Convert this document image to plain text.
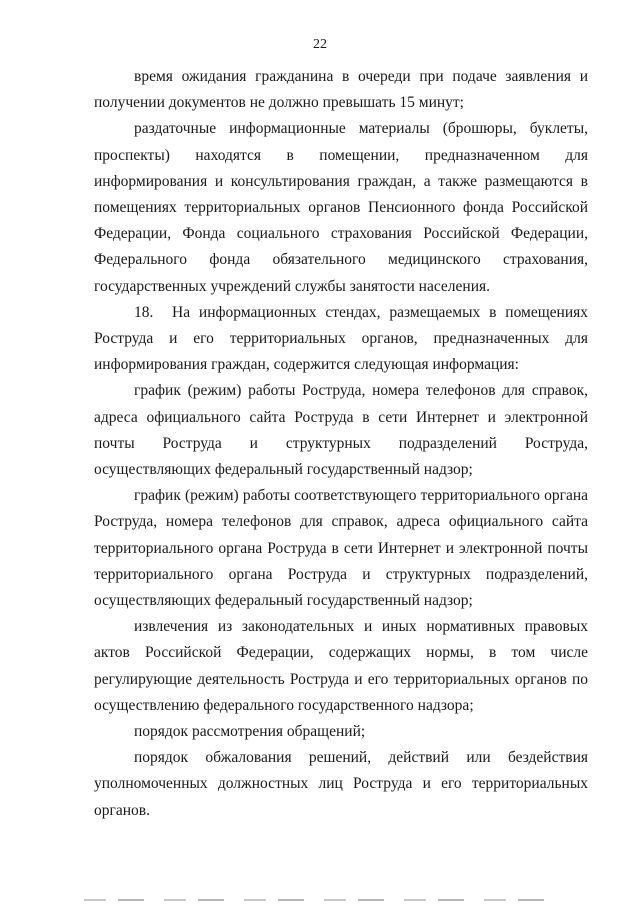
22

время ожидания гражданина в очереди при подаче заявления и получении документов не должно превышать 15 минут;

раздаточные информационные материалы (брошюры, буклеты, проспекты) находятся в помещении, предназначенном для информирования и консультирования граждан, а также размещаются в помещениях территориальных органов Пенсионного фонда Российской Федерации, Фонда социального страхования Российской Федерации, Федерального фонда обязательного медицинского страхования, государственных учреждений службы занятости населения.

18. На информационных стендах, размещаемых в помещениях Роструда и его территориальных органов, предназначенных для информирования граждан, содержится следующая информация:

график (режим) работы Роструда, номера телефонов для справок, адреса официального сайта Роструда в сети Интернет и электронной почты Роструда и структурных подразделений Роструда, осуществляющих федеральный государственный надзор;

график (режим) работы соответствующего территориального органа Роструда, номера телефонов для справок, адреса официального сайта территориального органа Роструда в сети Интернет и электронной почты территориального органа Роструда и структурных подразделений, осуществляющих федеральный государственный надзор;

извлечения из законодательных и иных нормативных правовых актов Российской Федерации, содержащих нормы, в том числе регулирующие деятельность Роструда и его территориальных органов по осуществлению федерального государственного надзора;

порядок рассмотрения обращений;

порядок обжалования решений, действий или бездействия уполномоченных должностных лиц Роструда и его территориальных органов.
